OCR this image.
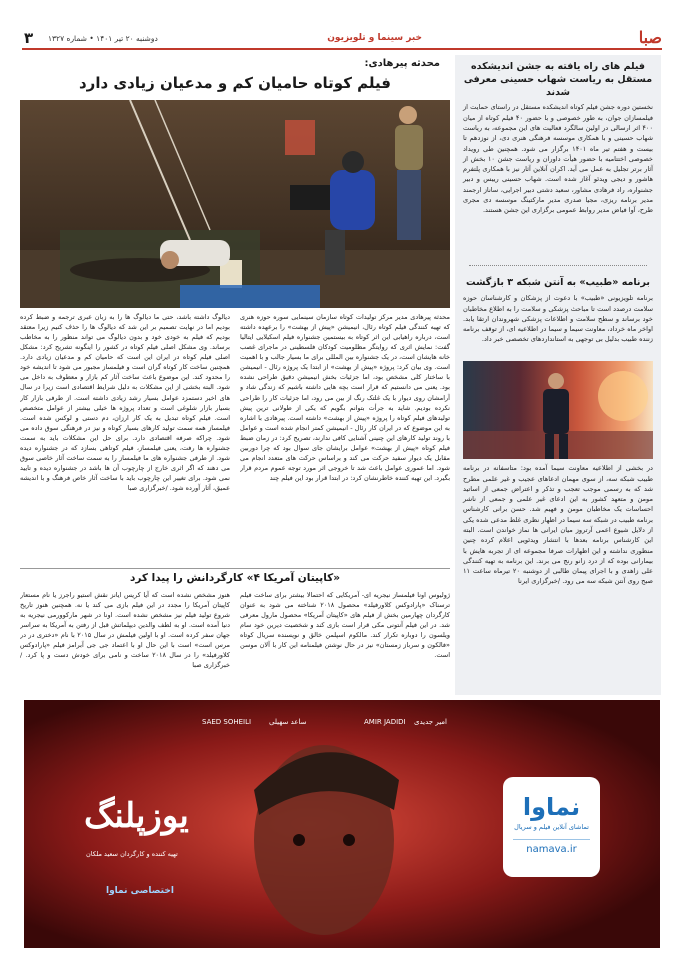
صبا
خبر سینما و تلویزیون
دوشنبه ۲۰ تیر ۱۴۰۱ • شماره ۱۳۲۷
۳
محدثه پیرهادی:
فیلم کوتاه حامیان کم و مدعیان زیادی دارد
محدثه پیرهادی مدیر مرکز تولیدات کوتاه سازمان سینمایی سوره حوزه هنری که تهیه کنندگی فیلم کوتاه رئال، انیمیشن «پیش از بهشت» را برعهده داشته است، درباره راهیابی این اثر کوتاه به بیستمین جشنواره فیلم اسکیلایی ایتالیا گفت: نمایش اثری که روایتگر مظلومیت کودکان فلسطینی در ماجرای غصب خانه هایشان است، در یک جشنواره بین المللی برای ما بسیار جالب و با اهمیت است. وی بیان کرد: پروژه «پیش از بهشت» از ابتدا یک پروژه رئال - انیمیشن با ساختار کلی مشخص بود، اما جزئیات بخش انیمیشن دقیق طراحی نشده بود. یعنی می دانستیم که قرار است بچه هایی داشته باشیم که زندگی شاد و آرامشان روی دیوار با یک غلتک رنگ از بین می رود، اما جزئیات کار را طراحی نکرده بودیم. شاید به جرأت بتوانم بگویم که یکی از طولانی ترین پیش تولیدهای فیلم کوتاه را پروژه «پیش از بهشت» داشته است. پیرهادی با اشاره به این موضوع که در ایران کار رئال - انیمیشن کمتر انجام شده است و عوامل با روند تولید کارهای این چنینی آشنایی کافی ندارند، تصریح کرد: در زمان ضبط فیلم کوتاه «پیش از بهشت» عوامل برایشان جای سوال بود که چرا دوربین مقابل یک دیوار سفید حرکت می کند و براساس حرکت های متعدد انجام می شود. اما عموری عوامل باعث شد تا خروجی اثر مورد توجه عموم مردم قرار بگیرد. این تهیه کننده خاطرنشان کرد: در ابتدا قرار بود این فیلم چند
دیالوگ داشته باشد، حتی ما دیالوگ ها را به زبان عبری ترجمه و ضبط کرده بودیم اما در نهایت تصمیم بر این شد که دیالوگ ها را حذف کنیم زیرا معتقد بودیم که فیلم به خودی خود و بدون دیالوگ می تواند منظور را به مخاطب برساند. وی مشکل اصلی فیلم کوتاه در کشور را اینگونه تشریح کرد: مشکل اصلی فیلم کوتاه در ایران این است که حامیان کم و مدعیان زیادی دارد. همچنین ساخت کار کوتاه گران است و فیلمساز مجبور می شود تا اندیشه خود را محدود کند. این موضوع باعث ساخت آثار کم بازار و معطوف به داخل می شود. البته بخشی از این مشکلات به دلیل شرایط اقتصادی است زیرا در سال های اخیر دستمزد عوامل بسیار رشد زیادی داشته است. از طرفی بازار کار بسیار بازار شلوغی است و تعداد پروژه ها خیلی بیشتر از عوامل متخصص است. فیلم کوتاه تبدیل به یک کار ارزان، دم دستی و لوکس شده است. فیلمساز همه سمت تولید کارهای بسیار کوتاه و نیز در فرهنگی سوق داده می شود. چراکه صرفه اقتصادی دارد. برای حل این مشکلات باید به سمت جشنواره ها رفت، یعنی فیلمساز، فیلم کوتاهی بسازد که در جشنواره دیده شود. از طرفی جشنواره های ما فیلمساز را به سمت ساخت آثار خاصی سوق می دهند که اگر اثری خارج از چارچوب آن ها باشد در جشنواره دیده و تایید نمی شود. برای تغییر این چارچوب باید با ساخت آثار خاص فرهنگ و با اندیشه عمیق، آثار آورده شود. /خبرگزاری صبا
«کاپیتان آمریکا ۴» کارگردانش را پیدا کرد
ژولیوس اونا فیلمساز نیجریه ای- آمریکایی که احتمالا بیشتر برای ساخت فیلم ترسناک «پارادوکس کلاورفیلد» محصول ۲۰۱۸ شناخته می شود به عنوان کارگردان چهارمین بخش از فیلم های «کاپیتان آمریکا» محصول مارول معرفی شد. در این فیلم آنتونی مکی قرار است بازی کند و شخصیت دیرین خود سام ویلسون را دوباره تکرار کند. مالکوم اسپلمن خالق و نویسنده سریال کوتاه «فالکون و سرباز زمستان» نیز در حال نوشتن فیلمنامه این کار با آلان موسن است.
هنوز مشخص نشده است که آیا کریس ایانز نقش استیو راجرز یا نام مستعار کاپیتان آمریکا را مجدد در این فیلم بازی می کند یا نه. همچنین هنوز تاریخ شروع تولید فیلم نیز مشخص نشده است. اونا در شهر مارکوورمی نیجریه به دنیا آمده است. او به لطف والدین دیپلماتش قبل از رفتن به آمریکا به سراسر جهان سفر کرده است. او با اولین فیلمش در سال ۲۰۱۵ با نام «دختری در در مرس است» است با این حال او با اعتماد جی جی آبرامز فیلم «پارادوکس کلاورفیلد» را در سال ۲۰۱۸ ساخت و نامی برای خودش دست و پا کرد. /خبرگزاری صبا
فیلم های راه یافته به جشن اندیشکده مستقل به ریاست شهاب حسینی معرفی شدند
نخستین دوره جشن فیلم کوتاه اندیشکده مستقل در راستای حمایت از فیلمسازان جوان، به طور خصوصی و با حضور ۴۰ فیلم کوتاه از میان ۴۰۰ اثر ارسالی در اولین سالگرد فعالیت های این مجموعه، به ریاست شهاب حسینی و با همکاری موسسه فرهنگی هنری دی، از نوزدهم تا بیست و هفتم تیر ماه ۱۴۰۱ برگزار می شود. همچنین طی رویداد خصوصی اختتامیه با حضور هیأت داوران و ریاست جشن ۱۰ بخش از آثار برتر تجلیل به عمل می آید. اکران آنلاین آثار نیز با همکاری پلتفرم هاشور و دیجی ویدئو آغاز شده است. شهاب حسینی رییس و دبیر جشنواره، راد فرهادی مشاور، سعید دشتی دبیر اجرایی، ساناز ارجمند مدیر برنامه ریزی، مجیا صدری مدیر مارکتینگ موسسه دی مجری طرح، آوا فیاض مدیر روابط عمومی برگزاری این جشن هستند.
برنامه «طبیب» به آنتن شبکه ۳ بازگشت
برنامه تلویزیونی «طبیب» با دعوت از پزشکان و کارشناسان حوزه سلامت درصدد است تا مباحث پزشکی و سلامت را به اطلاع مخاطبان خود برساند و سطح سلامت و اطلاعات پزشکی شهروندان ارتقا یابد. اواخر ماه خرداد، معاونت سیما و سیما در اطلاعیه ای، از توقف برنامه زننده طبیب بدلیل بی توجهی به استانداردهای تخصصی خبر داد.
در بخشی از اطلاعیه معاونت سیما آمده بود: متاسفانه در برنامه طبیب شبکه سه، از سوی مهمان ادعاهای عجیب و غیر علمی مطرح شد که به رسمی موجب تعجب و تذکر و اعتراض جمعی از اساتید مومن و متعهد کشور به این ادعای غیر علمی و جمعی از ناشر احساسات یک مخاطبان مومن و فهیم شد. حسن برانی کارشناس برنامه طبیب در شبکه سه سیما در اظهار نظری غلط مدعی شده یکی از دلایل شیوع اعمی آرتروز میان ایرانی ها نماز خواندن است. البته این کارشناس برنامه بعدها با انتشار ویدئویی اعلام کرده چنین منظوری نداشته و این اظهارات صرفا مجموعه ای از تجربه هایش با بیمارانی بوده که از درد زانو رنج می برند. این برنامه به تهیه کنندگی علی زاهدی و با اجرای پیمان طالبی از دوشنبه ۲۰ تیرماه ساعت ۱۱ صبح روی آنتن شبکه سه می رود. /خبرگزاری ایرنا
امیر جدیدی
AMIR JADIDI
ساعد سهیلی
SAED SOHEILI
یوزپلنگ
تهیه کننده و کارگردان سعید ملکان
اختصاصی نماوا
نماوا
تماشای آنلاین فیلم و سریال
namava.ir
